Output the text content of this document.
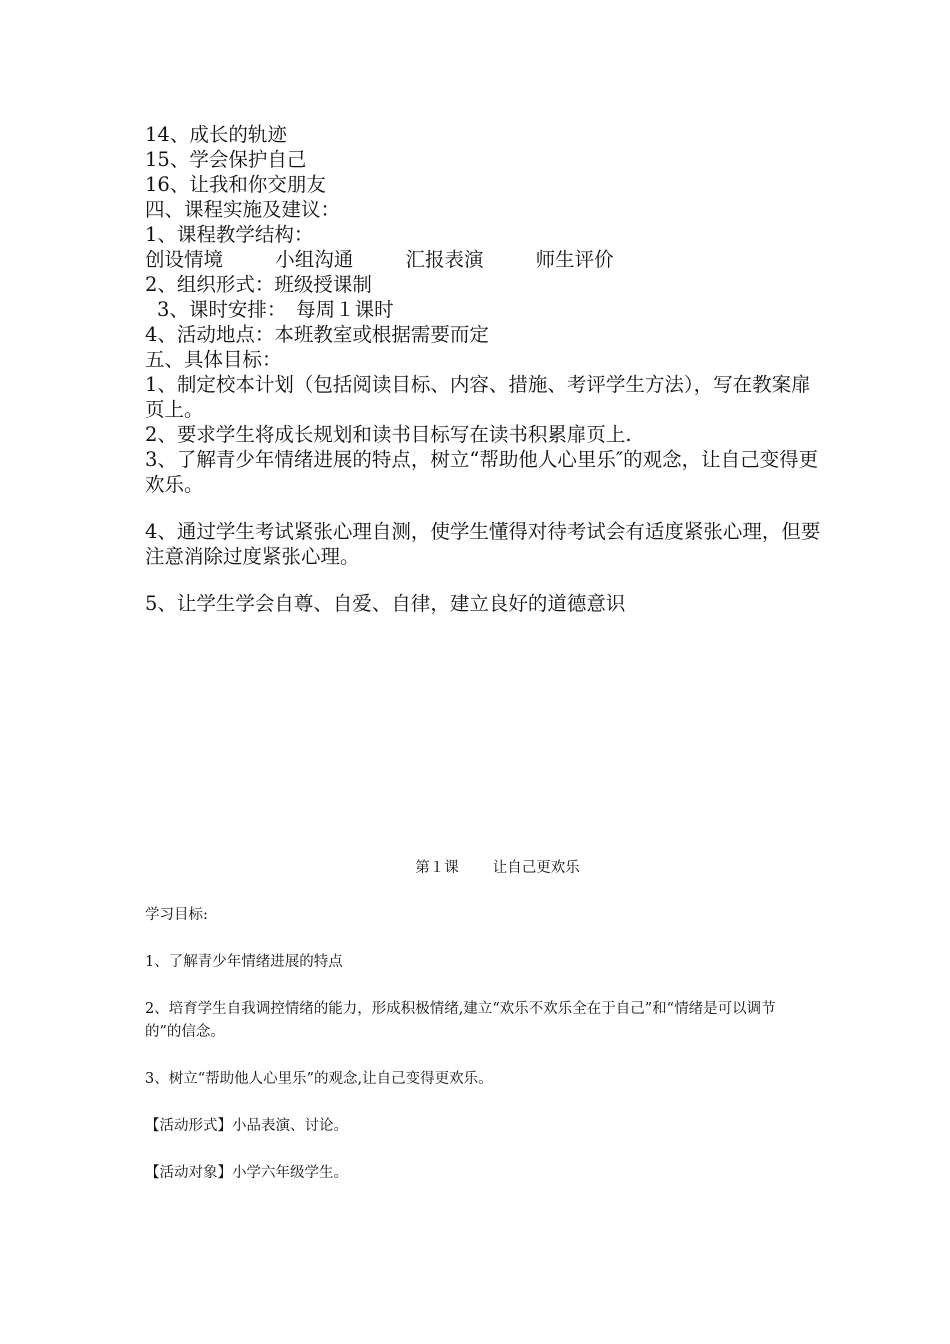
14、成长的轨迹

15、学会保护自己

16、让我和你交朋友

四、课程实施及建议：

1、课程教学结构：

创设情境	小组沟通	汇报表演	师生评价

2、组织形式：班级授课制

3、课时安排：　每周１课时

4、活动地点：本班教室或根据需要而定

五、具体目标：

1、制定校本计划（包括阅读目标、内容、措施、考评学生方法），写在教案扉页上。

2、要求学生将成长规划和读书目标写在读书积累扉页上.

3、了解青少年情绪进展的特点，树立“帮助他人心里乐″的观念，让自己变得更欢乐。

4、通过学生考试紧张心理自测，使学生懂得对待考试会有适度紧张心理，但要注意消除过度紧张心理。

5、让学生学会自尊、自爱、自律，建立良好的道德意识

第１课 让自己更欢乐

学习目标:

1、了解青少年情绪进展的特点

2、培育学生自我调控情绪的能力，形成积极情绪,建立“欢乐不欢乐全在于自己”和“情绪是可以调节的”的信念。

3、树立“帮助他人心里乐”的观念,让自己变得更欢乐。

【活动形式】小品表演、讨论。

【活动对象】小学六年级学生。
